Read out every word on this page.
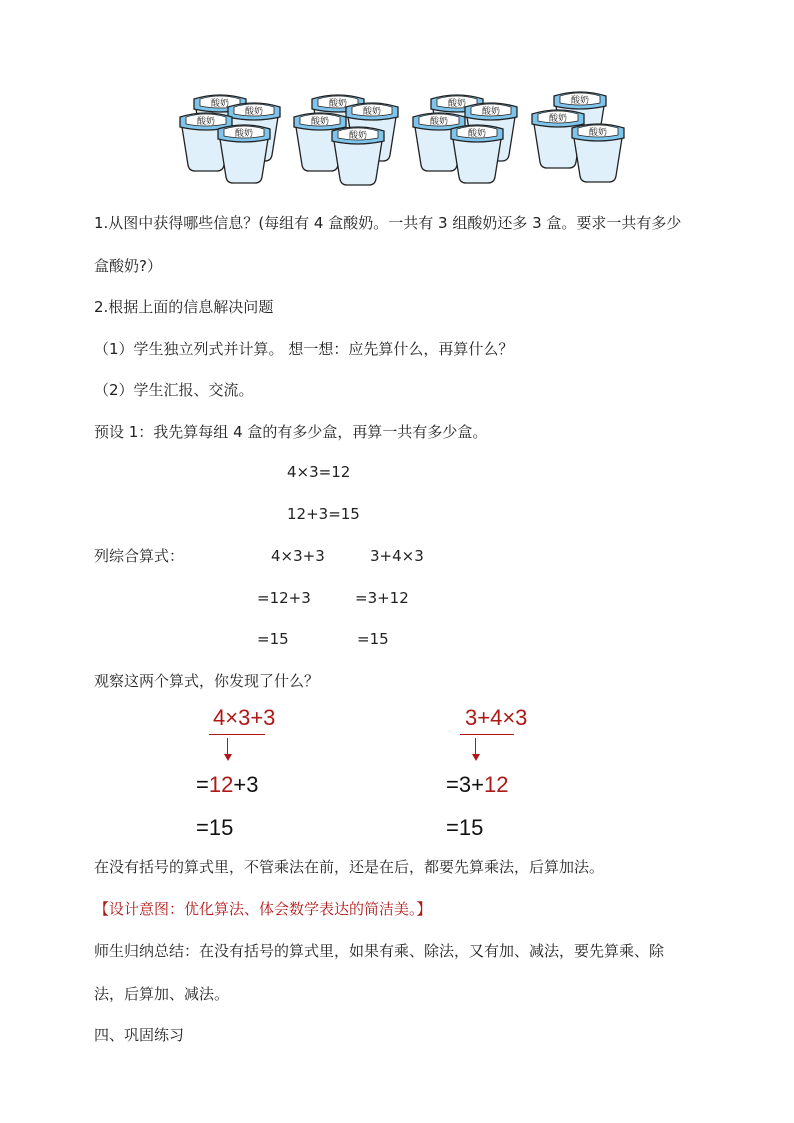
酸奶
酸奶
酸奶
酸奶
酸奶
酸奶
酸奶
酸奶
酸奶
酸奶
酸奶
酸奶
酸奶
酸奶
酸奶
1.从图中获得哪些信息？(每组有 4 盒酸奶。一共有 3 组酸奶还多 3 盒。要求一共有多少
盒酸奶?）
2.根据上面的信息解决问题
（1）学生独立列式并计算。 想一想：应先算什么，再算什么？
（2）学生汇报、交流。
预设 1：我先算每组 4 盒的有多少盒，再算一共有多少盒。
4×3=12
12+3=15
列综合算式：	4×3+3	3+4×3
=12+3	=3+12
=15	=15
观察这两个算式，你发现了什么？
4×3+3
=12+3
=15
3+4×3
=3+12
=15
在没有括号的算式里，不管乘法在前，还是在后，都要先算乘法，后算加法。
【设计意图：优化算法、体会数学表达的简洁美。】
师生归纳总结：在没有括号的算式里，如果有乘、除法，又有加、减法，要先算乘、除
法，后算加、减法。
四、巩固练习
